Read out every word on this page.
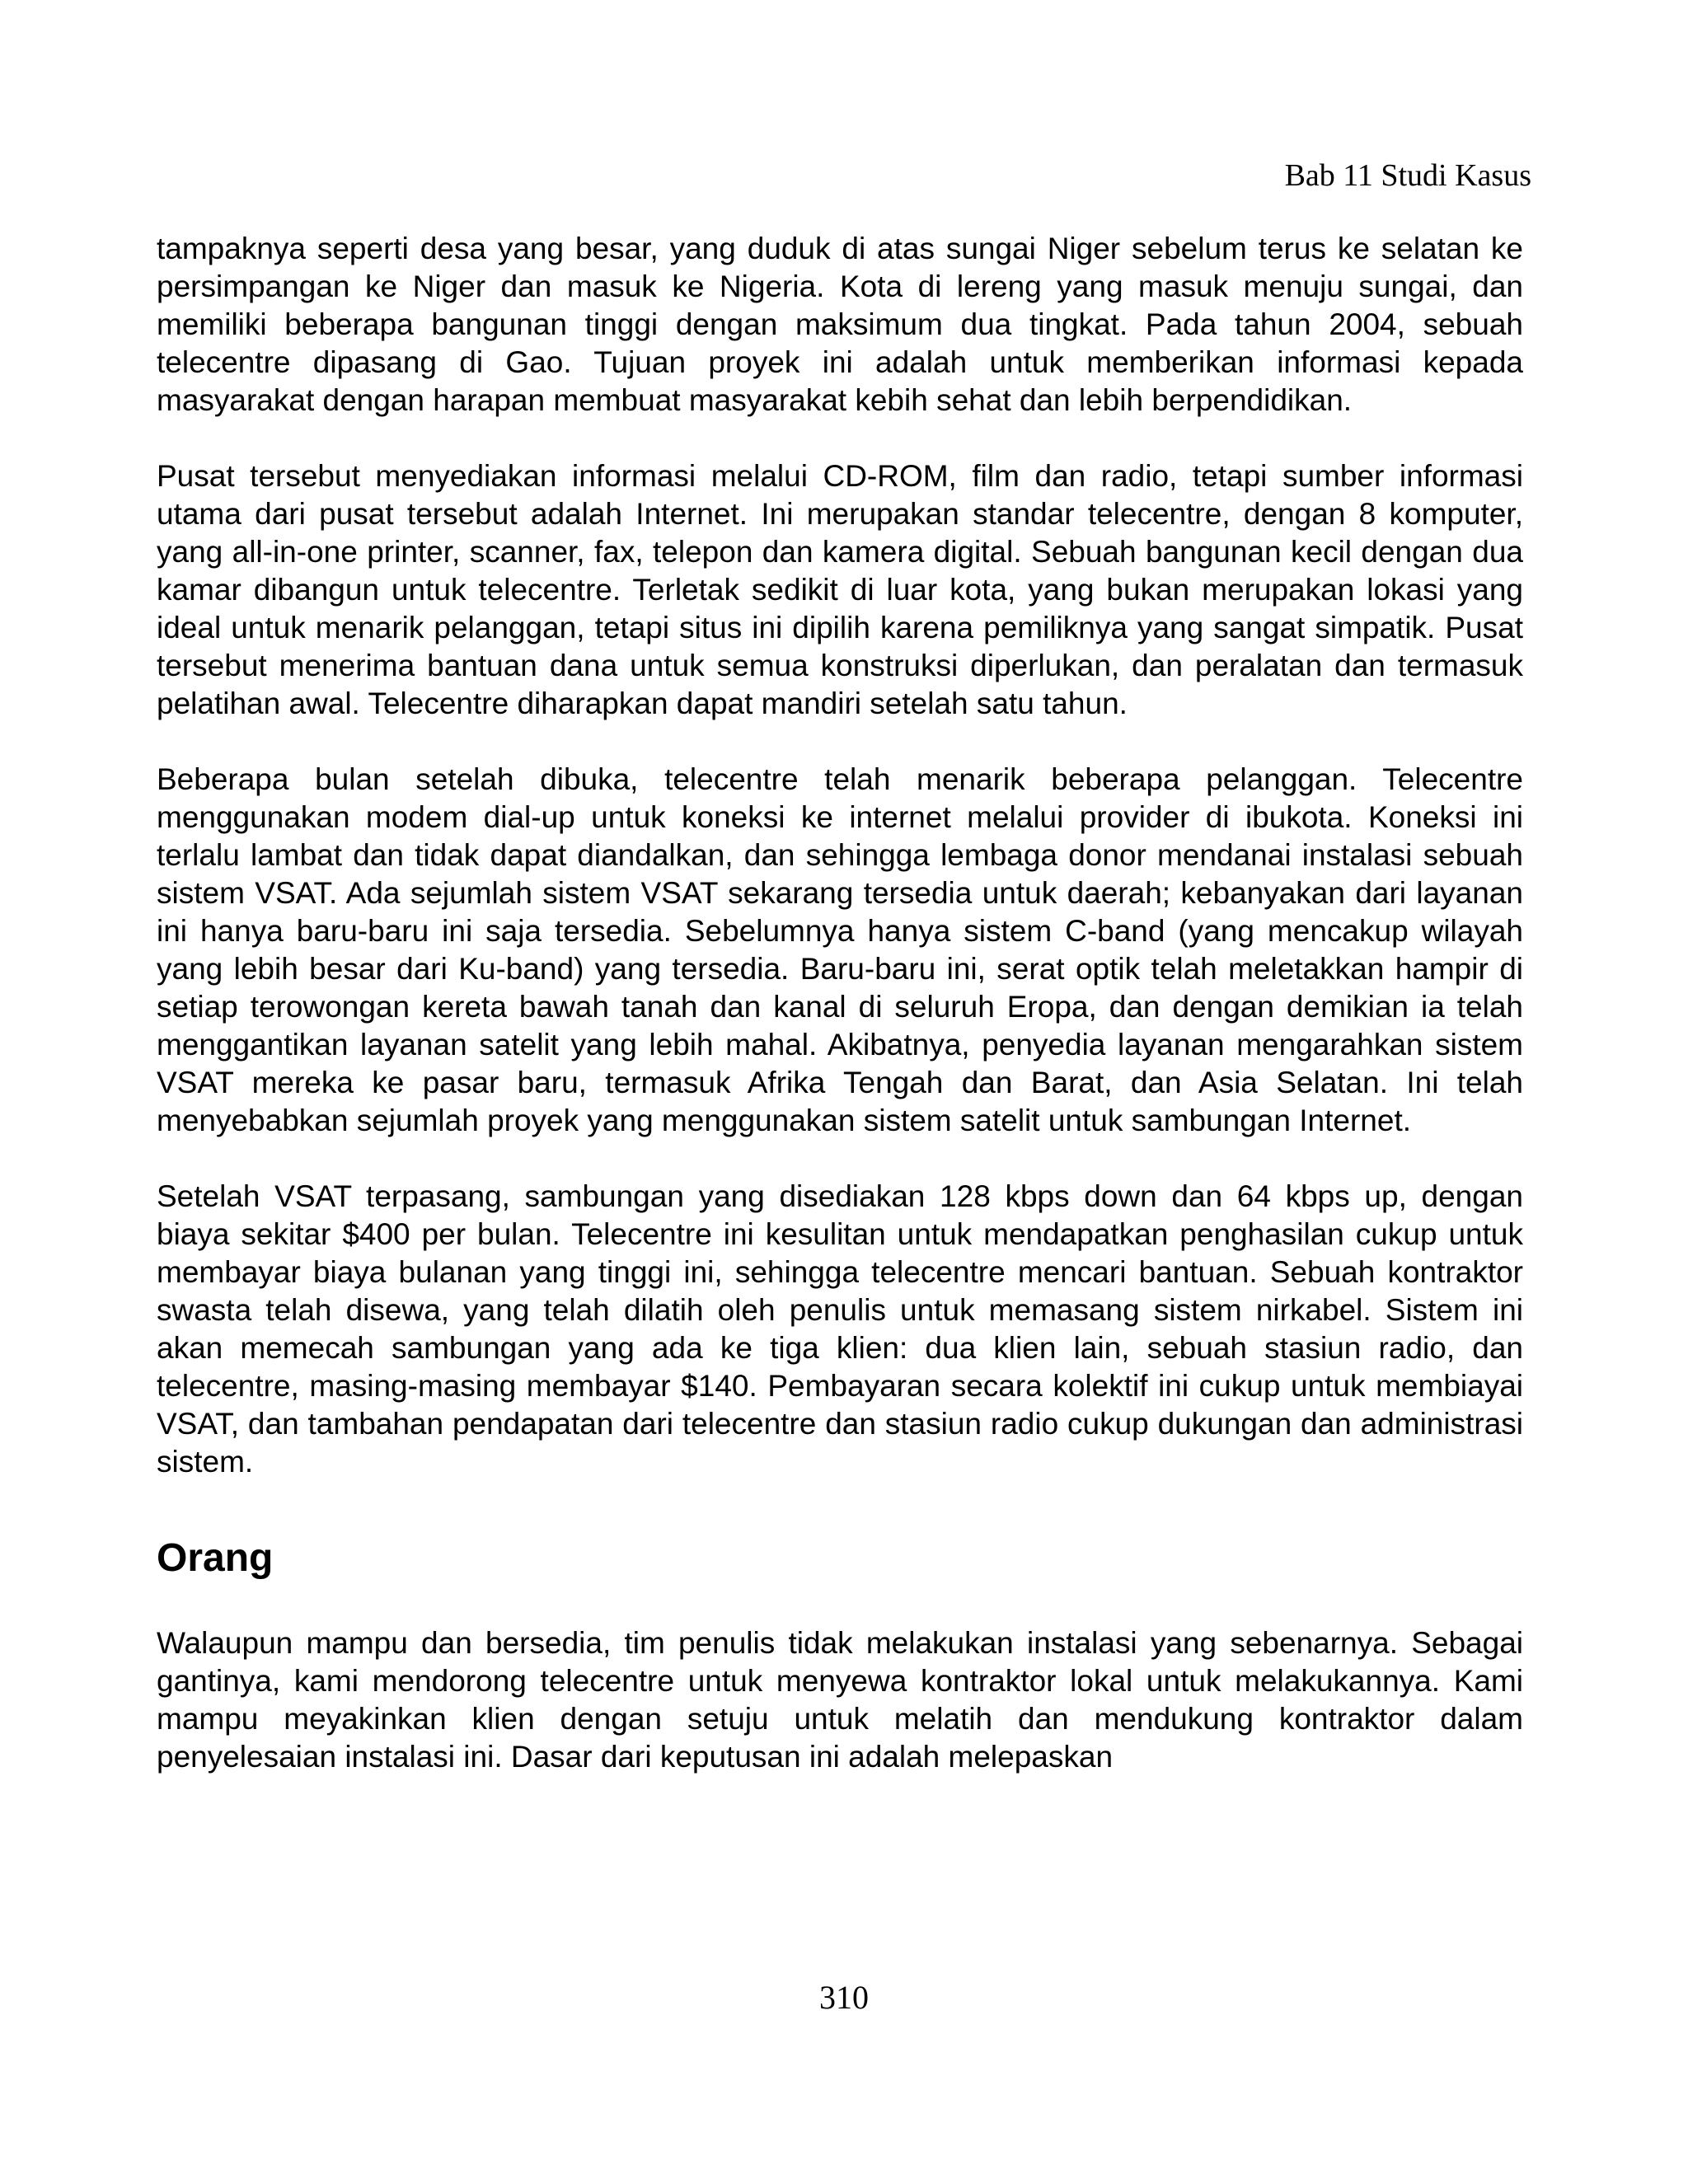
Bab 11 Studi Kasus

tampaknya seperti desa yang besar, yang duduk di atas sungai Niger sebelum terus ke selatan ke persimpangan ke Niger dan masuk ke Nigeria. Kota di lereng yang masuk menuju sungai, dan memiliki beberapa bangunan tinggi dengan maksimum dua tingkat. Pada tahun 2004, sebuah telecentre dipasang di Gao. Tujuan proyek ini adalah untuk memberikan informasi kepada masyarakat dengan harapan membuat masyarakat kebih sehat dan lebih berpendidikan.

Pusat tersebut menyediakan informasi melalui CD-ROM, film dan radio, tetapi sumber informasi utama dari pusat tersebut adalah Internet. Ini merupakan standar telecentre, dengan 8 komputer, yang all-in-one printer, scanner, fax, telepon dan kamera digital. Sebuah bangunan kecil dengan dua kamar dibangun untuk telecentre. Terletak sedikit di luar kota, yang bukan merupakan lokasi yang ideal untuk menarik pelanggan, tetapi situs ini dipilih karena pemiliknya yang sangat simpatik. Pusat tersebut menerima bantuan dana untuk semua konstruksi diperlukan, dan peralatan dan termasuk pelatihan awal. Telecentre diharapkan dapat mandiri setelah satu tahun.

Beberapa bulan setelah dibuka, telecentre telah menarik beberapa pelanggan. Telecentre menggunakan modem dial-up untuk koneksi ke internet melalui provider di ibukota. Koneksi ini terlalu lambat dan tidak dapat diandalkan, dan sehingga lembaga donor mendanai instalasi sebuah sistem VSAT. Ada sejumlah sistem VSAT sekarang tersedia untuk daerah; kebanyakan dari layanan ini hanya baru-baru ini saja tersedia. Sebelumnya hanya sistem C-band (yang mencakup wilayah yang lebih besar dari Ku-band) yang tersedia. Baru-baru ini, serat optik telah meletakkan hampir di setiap terowongan kereta bawah tanah dan kanal di seluruh Eropa, dan dengan demikian ia telah menggantikan layanan satelit yang lebih mahal. Akibatnya, penyedia layanan mengarahkan sistem VSAT mereka ke pasar baru, termasuk Afrika Tengah dan Barat, dan Asia Selatan. Ini telah menyebabkan sejumlah proyek yang menggunakan sistem satelit untuk sambungan Internet.

Setelah VSAT terpasang, sambungan yang disediakan 128 kbps down dan 64 kbps up, dengan biaya sekitar $400 per bulan. Telecentre ini kesulitan untuk mendapatkan penghasilan cukup untuk membayar biaya bulanan yang tinggi ini, sehingga telecentre mencari bantuan. Sebuah kontraktor swasta telah disewa, yang telah dilatih oleh penulis untuk memasang sistem nirkabel. Sistem ini akan memecah sambungan yang ada ke tiga klien: dua klien lain, sebuah stasiun radio, dan telecentre, masing-masing membayar $140. Pembayaran secara kolektif ini cukup untuk membiayai VSAT, dan tambahan pendapatan dari telecentre dan stasiun radio cukup dukungan dan administrasi sistem.

Orang

Walaupun mampu dan bersedia, tim penulis tidak melakukan instalasi yang sebenarnya. Sebagai gantinya, kami mendorong telecentre untuk menyewa kontraktor lokal untuk melakukannya. Kami mampu meyakinkan klien dengan setuju untuk melatih dan mendukung kontraktor dalam penyelesaian instalasi ini. Dasar dari keputusan ini adalah melepaskan

310
